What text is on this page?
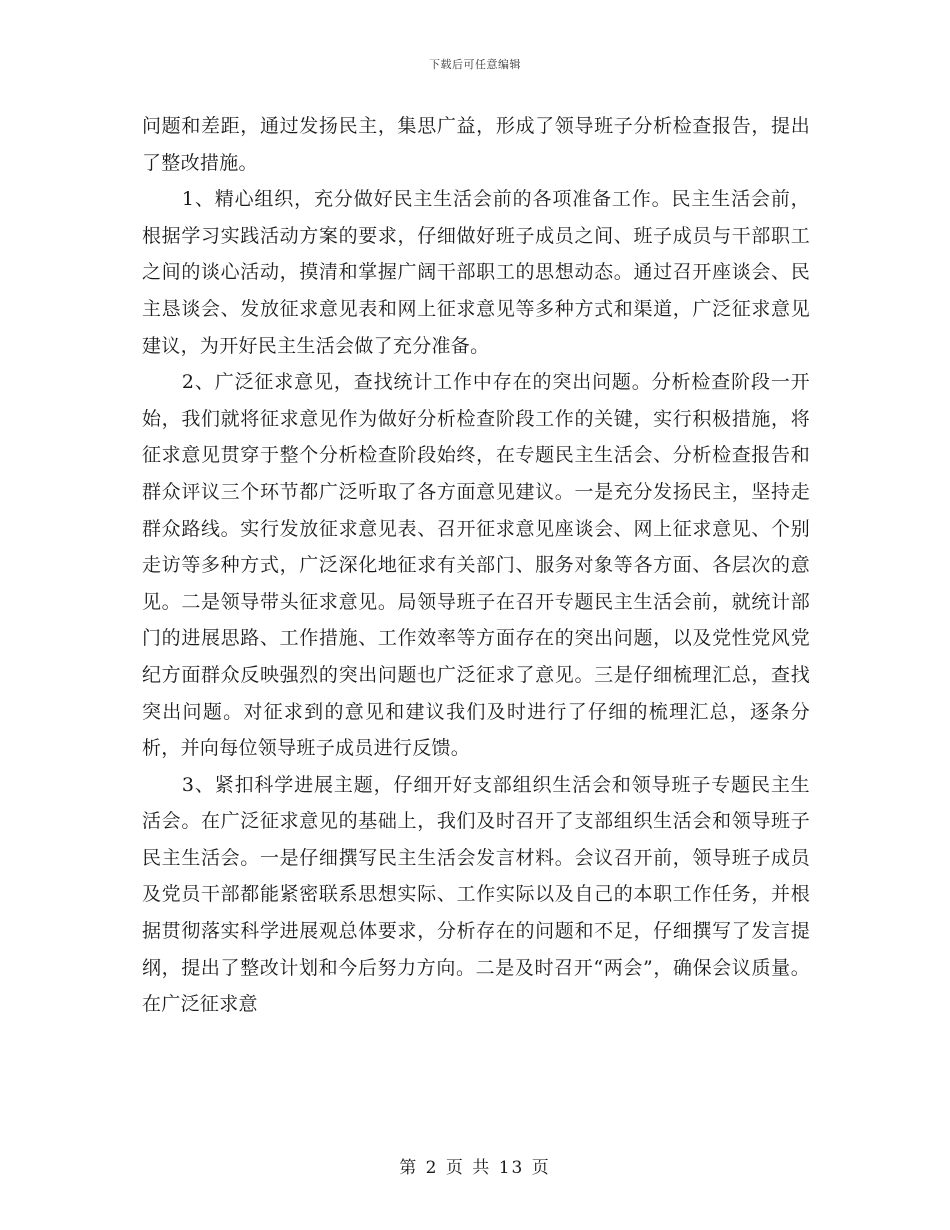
下载后可任意编辑

问题和差距，通过发扬民主，集思广益，形成了领导班子分析检查报告，提出了整改措施。

1、精心组织，充分做好民主生活会前的各项准备工作。民主生活会前，根据学习实践活动方案的要求，仔细做好班子成员之间、班子成员与干部职工之间的谈心活动，摸清和掌握广阔干部职工的思想动态。通过召开座谈会、民主恳谈会、发放征求意见表和网上征求意见等多种方式和渠道，广泛征求意见建议，为开好民主生活会做了充分准备。

2、广泛征求意见，查找统计工作中存在的突出问题。分析检查阶段一开始，我们就将征求意见作为做好分析检查阶段工作的关键，实行积极措施，将征求意见贯穿于整个分析检查阶段始终，在专题民主生活会、分析检查报告和群众评议三个环节都广泛听取了各方面意见建议。一是充分发扬民主，坚持走群众路线。实行发放征求意见表、召开征求意见座谈会、网上征求意见、个别走访等多种方式，广泛深化地征求有关部门、服务对象等各方面、各层次的意见。二是领导带头征求意见。局领导班子在召开专题民主生活会前，就统计部门的进展思路、工作措施、工作效率等方面存在的突出问题，以及党性党风党纪方面群众反映强烈的突出问题也广泛征求了意见。三是仔细梳理汇总，查找突出问题。对征求到的意见和建议我们及时进行了仔细的梳理汇总，逐条分析，并向每位领导班子成员进行反馈。

3、紧扣科学进展主题，仔细开好支部组织生活会和领导班子专题民主生活会。在广泛征求意见的基础上，我们及时召开了支部组织生活会和领导班子民主生活会。一是仔细撰写民主生活会发言材料。会议召开前，领导班子成员及党员干部都能紧密联系思想实际、工作实际以及自己的本职工作任务，并根据贯彻落实科学进展观总体要求，分析存在的问题和不足，仔细撰写了发言提纲，提出了整改计划和今后努力方向。二是及时召开“两会”，确保会议质量。在广泛征求意

第 2 页 共 13 页
